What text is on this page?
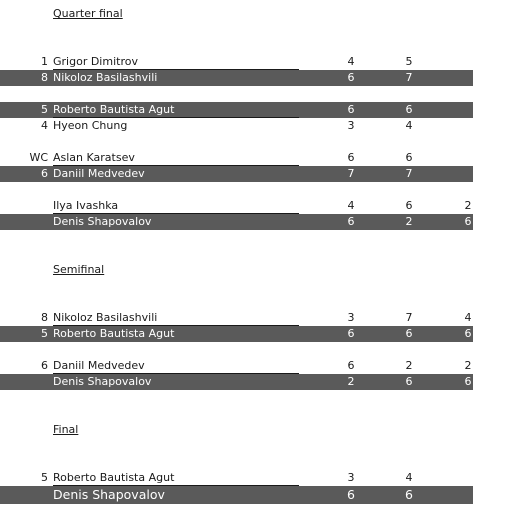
Quarter final
Semifinal
Final
1 Grigor Dimitrov	4	5
8 Nikoloz Basilashvili	6	7
5 Roberto Bautista Agut	6	6
4 Hyeon Chung	3	4
WC Aslan Karatsev	6	6
6 Daniil Medvedev	7	7
Ilya Ivashka	4	6	2
Denis Shapovalov	6	2	6
8 Nikoloz Basilashvili	3	7	4
5 Roberto Bautista Agut	6	6	6
6 Daniil Medvedev	6	2	2
Denis Shapovalov	2	6	6
5 Roberto Bautista Agut	3	4
Denis Shapovalov	6	6
